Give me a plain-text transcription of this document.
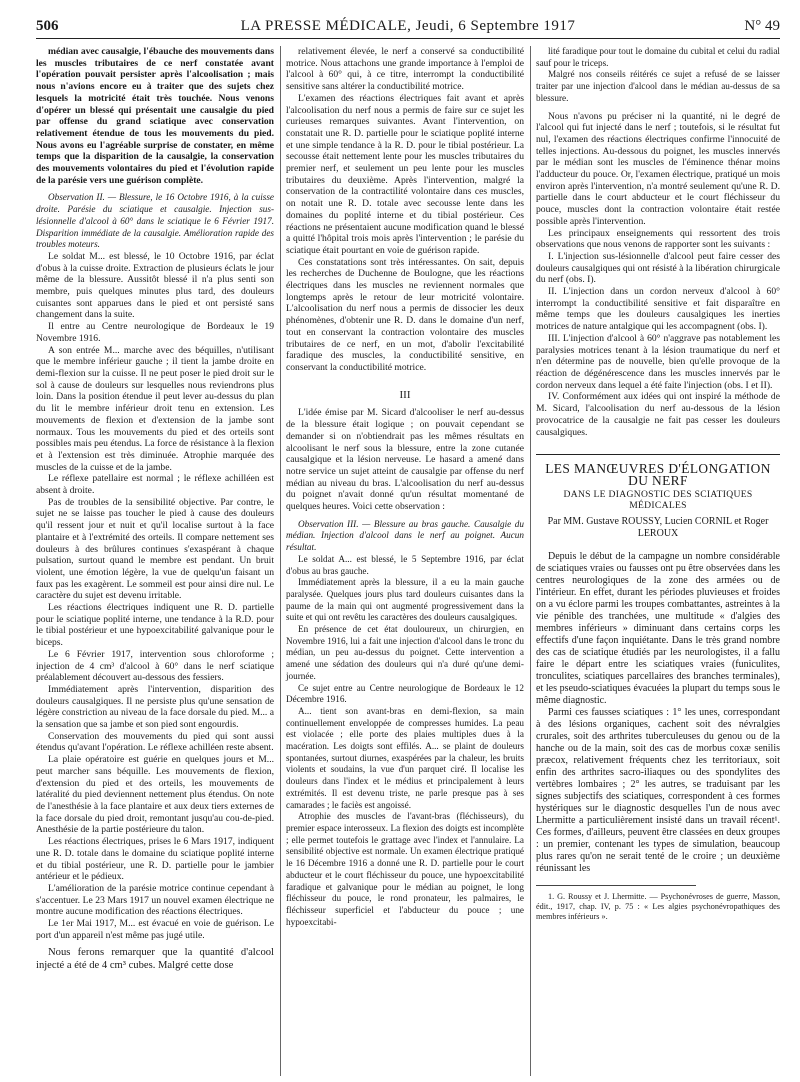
506	LA PRESSE MÉDICALE, Jeudi, 6 Septembre 1917	N° 49

médian avec causalgie, l'ébauche des mouvements dans les muscles tributaires de ce nerf constatée avant l'opération pouvait persister après l'alcoolisation ; mais nous n'avions encore eu à traiter que des sujets chez lesquels la motricité était très touchée. Nous venons d'opérer un blessé qui présentait une causalgie du pied par offense du grand sciatique avec conservation relativement étendue de tous les mouvements du pied. Nous avons eu l'agréable surprise de constater, en même temps que la disparition de la causalgie, la conservation des mouvements volontaires du pied et l'évolution rapide de la parésie vers une guérison complète.

Observation II. — Blessure, le 16 Octobre 1916, à la cuisse droite. Parésie du sciatique et causalgie. Injection sus-lésionnelle d'alcool à 60° dans le sciatique le 6 Février 1917. Disparition immédiate de la causalgie. Amélioration rapide des troubles moteurs.

Le soldat M... est blessé, le 10 Octobre 1916, par éclat d'obus à la cuisse droite. Extraction de plusieurs éclats le jour même de la blessure. Aussitôt blessé il n'a plus senti son membre, puis quelques minutes plus tard, des douleurs cuisantes sont apparues dans le pied et ont persisté sans changement dans la suite.

Il entre au Centre neurologique de Bordeaux le 19 Novembre 1916.

A son entrée M... marche avec des béquilles, n'utilisant que le membre inférieur gauche ; il tient la jambe droite en demi-flexion sur la cuisse. Il ne peut poser le pied droit sur le sol à cause de douleurs sur lesquelles nous reviendrons plus loin. Dans la position étendue il peut lever au-dessus du plan du lit le membre inférieur droit tenu en extension. Les mouvements de flexion et d'extension de la jambe sont normaux. Tous les mouvements du pied et des orteils sont possibles mais peu étendus. La force de résistance à la flexion et à l'extension est très diminuée. Atrophie marquée des muscles de la cuisse et de la jambe.

Le réflexe patellaire est normal ; le réflexe achilléen est absent à droite.

Pas de troubles de la sensibilité objective. Par contre, le sujet ne se laisse pas toucher le pied à cause des douleurs qu'il ressent jour et nuit et qu'il localise surtout à la face plantaire et à l'extrémité des orteils. Il compare nettement ses douleurs à des brûlures continues s'exaspérant à chaque pulsation, surtout quand le membre est pendant. Un bruit violent, une émotion légère, la vue de quelqu'un faisant un faux pas les exagèrent. Le sommeil est pour ainsi dire nul. Le caractère du sujet est devenu irritable.

Les réactions électriques indiquent une R. D. partielle pour le sciatique poplité interne, une tendance à la R.D. pour le tibial postérieur et une hypoexcitabilité galvanique pour le biceps.

Le 6 Février 1917, intervention sous chloroforme ; injection de 4 cm³ d'alcool à 60° dans le nerf sciatique préalablement découvert au-dessous des fessiers.

Immédiatement après l'intervention, disparition des douleurs causalgiques. Il ne persiste plus qu'une sensation de légère constriction au niveau de la face dorsale du pied. M... a la sensation que sa jambe et son pied sont engourdis.

Conservation des mouvements du pied qui sont aussi étendus qu'avant l'opération. Le réflexe achilléen reste absent.

La plaie opératoire est guérie en quelques jours et M... peut marcher sans béquille. Les mouvements de flexion, d'extension du pied et des orteils, les mouvements de latéralité du pied deviennent nettement plus étendus. On note de l'anesthésie à la face plantaire et aux deux tiers externes de la face dorsale du pied droit, remontant jusqu'au cou-de-pied. Anesthésie de la partie postérieure du talon.

Les réactions électriques, prises le 6 Mars 1917, indiquent une R. D. totale dans le domaine du sciatique poplité interne et du tibial postérieur, une R. D. partielle pour le jambier antérieur et le pédieux.

L'amélioration de la parésie motrice continue cependant à s'accentuer. Le 23 Mars 1917 un nouvel examen électrique ne montre aucune modification des réactions électriques.

Le 1er Mai 1917, M... est évacué en voie de guérison. Le port d'un appareil n'est même pas jugé utile.

Nous ferons remarquer que la quantité d'alcool injecté a été de 4 cm³ cubes. Malgré cette dose

relativement élevée, le nerf a conservé sa conductibilité motrice. Nous attachons une grande importance à l'emploi de l'alcool à 60° qui, à ce titre, interrompt la conductibilité sensitive sans altérer la conductibilité motrice.

L'examen des réactions électriques fait avant et après l'alcoolisation du nerf nous a permis de faire sur ce sujet les curieuses remarques suivantes. Avant l'intervention, on constatait une R. D. partielle pour le sciatique poplité interne et une simple tendance à la R. D. pour le tibial postérieur. La secousse était nettement lente pour les muscles tributaires du premier nerf, et seulement un peu lente pour les muscles tributaires du deuxième. Après l'intervention, malgré la conservation de la contractilité volontaire dans ces muscles, on notait une R. D. totale avec secousse lente dans les domaines du poplité interne et du tibial postérieur. Ces réactions ne présentaient aucune modification quand le blessé a quitté l'hôpital trois mois après l'intervention ; le parésie du sciatique était pourtant en voie de guérison rapide.

Ces constatations sont très intéressantes. On sait, depuis les recherches de Duchenne de Boulogne, que les réactions électriques dans les muscles ne reviennent normales que longtemps après le retour de leur motricité volontaire. L'alcoolisation du nerf nous a permis de dissocier les deux phénomènes, d'obtenir une R. D. dans le domaine d'un nerf, tout en conservant la contraction volontaire des muscles tributaires de ce nerf, en un mot, d'abolir l'excitabilité faradique des muscles, la conductibilité sensitive, en conservant la conductibilité motrice.

III

L'idée émise par M. Sicard d'alcooliser le nerf au-dessus de la blessure était logique ; on pouvait cependant se demander si on n'obtiendrait pas les mêmes résultats en alcoolisant le nerf sous la blessure, entre la zone cutanée causalgique et la lésion nerveuse. Le hasard a amené dans notre service un sujet atteint de causalgie par offense du nerf médian au niveau du bras. L'alcoolisation du nerf au-dessus du poignet n'avait donné qu'un résultat momentané de quelques heures. Voici cette observation :

Observation III. — Blessure au bras gauche. Causalgie du médian. Injection d'alcool dans le nerf au poignet. Aucun résultat.

Le soldat A... est blessé, le 5 Septembre 1916, par éclat d'obus au bras gauche.

Immédiatement après la blessure, il a eu la main gauche paralysée. Quelques jours plus tard douleurs cuisantes dans la paume de la main qui ont augmenté progressivement dans la suite et qui ont revêtu les caractères des douleurs causalgiques.

En présence de cet état douloureux, un chirurgien, en Novembre 1916, lui a fait une injection d'alcool dans le tronc du médian, un peu au-dessus du poignet. Cette intervention a amené une sédation des douleurs qui n'a duré qu'une demi-journée.

Ce sujet entre au Centre neurologique de Bordeaux le 12 Décembre 1916.

A... tient son avant-bras en demi-flexion, sa main continuellement enveloppée de compresses humides. La peau est violacée ; elle porte des plaies multiples dues à la macération. Les doigts sont effilés. A... se plaint de douleurs spontanées, surtout diurnes, exaspérées par la chaleur, les bruits violents et soudains, la vue d'un parquet ciré. Il localise les douleurs dans l'index et le médius et principalement à leurs extrémités. Il est devenu triste, ne parle presque pas à ses camarades ; le faciès est angoissé.

Atrophie des muscles de l'avant-bras (fléchisseurs), du premier espace interosseux. La flexion des doigts est incomplète ; elle permet toutefois le grattage avec l'index et l'annulaire. La sensibilité objective est normale. Un examen électrique pratiqué le 16 Décembre 1916 a donné une R. D. partielle pour le court abducteur et le court fléchisseur du pouce, une hypoexcitabilité faradique et galvanique pour le médian au poignet, le long fléchisseur du pouce, le rond pronateur, les palmaires, le fléchisseur superficiel et l'abducteur du pouce ; une hypoexcitabi-

lité faradique pour tout le domaine du cubital et celui du radial sauf pour le triceps.

Malgré nos conseils réitérés ce sujet a refusé de se laisser traiter par une injection d'alcool dans le médian au-dessus de sa blessure.

Nous n'avons pu préciser ni la quantité, ni le degré de l'alcool qui fut injecté dans le nerf ; toutefois, si le résultat fut nul, l'examen des réactions électriques confirme l'innocuité de telles injections. Au-dessous du poignet, les muscles innervés par le médian sont les muscles de l'éminence thénar moins l'adducteur du pouce. Or, l'examen électrique, pratiqué un mois environ après l'intervention, n'a montré seulement qu'une R. D. partielle dans le court abducteur et le court fléchisseur du pouce, muscles dont la contraction volontaire était restée possible après l'intervention.

Les principaux enseignements qui ressortent des trois observations que nous venons de rapporter sont les suivants :

I. L'injection sus-lésionnelle d'alcool peut faire cesser des douleurs causalgiques qui ont résisté à la libération chirurgicale du nerf (obs. I).

II. L'injection dans un cordon nerveux d'alcool à 60° interrompt la conductibilité sensitive et fait disparaître en même temps que les douleurs causalgiques les inerties motrices de nature antalgique qui les accompagnent (obs. I).

III. L'injection d'alcool à 60° n'aggrave pas notablement les paralysies motrices tenant à la lésion traumatique du nerf et n'en détermine pas de nouvelle, bien qu'elle provoque de la réaction de dégénérescence dans les muscles innervés par le cordon nerveux dans lequel a été faite l'injection (obs. I et II).

IV. Conformément aux idées qui ont inspiré la méthode de M. Sicard, l'alcoolisation du nerf au-dessous de la lésion provocatrice de la causalgie ne fait pas cesser les douleurs causalgiques.

LES MANŒUVRES D'ÉLONGATION DU NERF
DANS LE DIAGNOSTIC DES SCIATIQUES MÉDICALES
Par MM. Gustave ROUSSY, Lucien CORNIL et Roger LEROUX

Depuis le début de la campagne un nombre considérable de sciatiques vraies ou fausses ont pu être observées dans les centres neurologiques de la zone des armées ou de l'intérieur. En effet, durant les périodes pluvieuses et froides on a vu éclore parmi les troupes combattantes, astreintes à la vie pénible des tranchées, une multitude « d'algies des membres inférieurs » diminuant dans certains corps les effectifs d'une façon inquiétante. Dans le très grand nombre des cas de sciatique étudiés par les neurologistes, il a fallu faire le départ entre les sciatiques vraies (funiculites, tronculites, sciatiques parcellaires des branches terminales), et les pseudo-sciatiques évacuées la plupart du temps sous le même diagnostic.

Parmi ces fausses sciatiques : 1° les unes, correspondant à des lésions organiques, cachent soit des névralgies crurales, soit des arthrites tuberculeuses du genou ou de la hanche ou de la main, soit des cas de morbus coxæ senilis præcox, relativement fréquents chez les territoriaux, soit enfin des arthrites sacro-iliaques ou des spondylites des vertèbres lombaires ; 2° les autres, se traduisant par les signes subjectifs des sciatiques, correspondent à ces formes hystériques sur le diagnostic desquelles l'un de nous avec Lhermitte a particulièrement insisté dans un travail récent¹. Ces formes, d'ailleurs, peuvent être classées en deux groupes : un premier, contenant les types de simulation, beaucoup plus rares qu'on ne serait tenté de le croire ; un deuxième réunissant les

1. G. Roussy et J. Lhermitte. — Psychonévroses de guerre, Masson, édit., 1917, chap. IV, p. 75 : « Les algies psychonévropathiques des membres inférieurs ».
